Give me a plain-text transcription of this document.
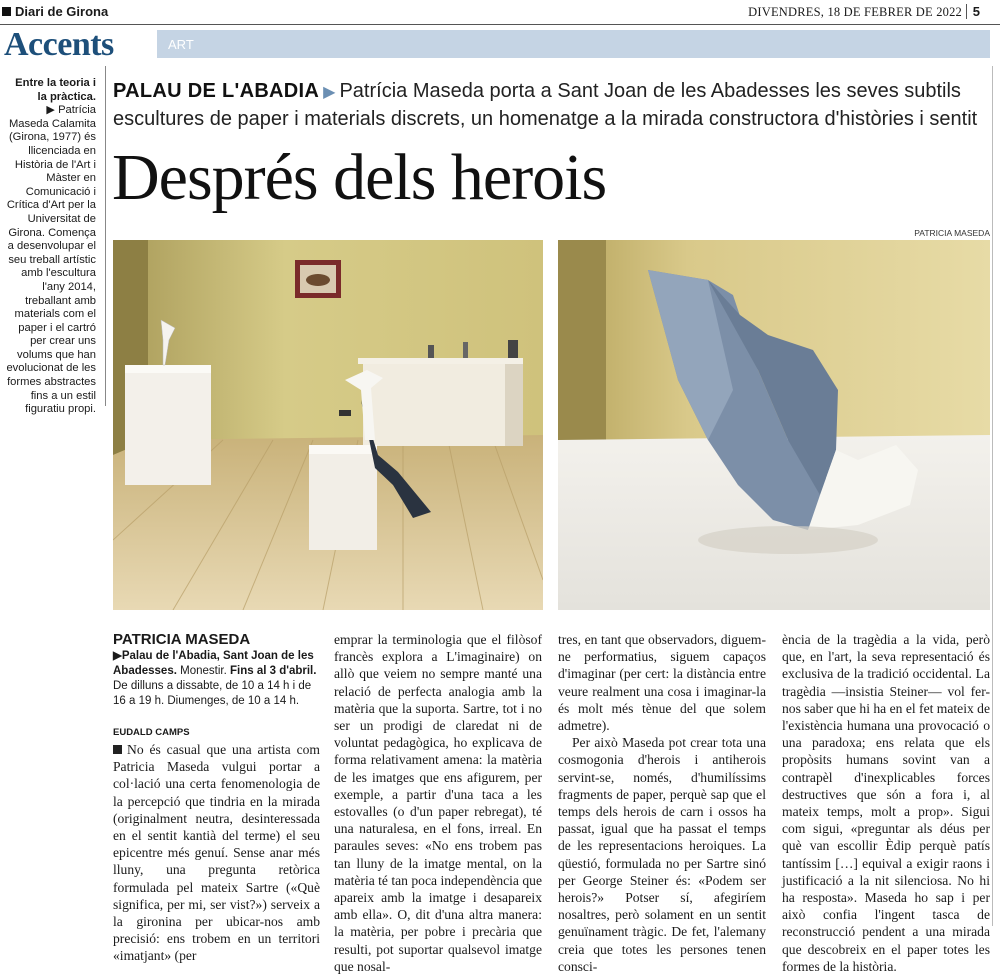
Diari de Girona	DIVENDRES, 18 DE FEBRER DE 2022 5
Accents	ART
Entre la teoria i la pràctica.
▶ Patrícia Maseda Calamita (Girona, 1977) és llicenciada en Història de l'Art i Màster en Comunicació i Crítica d'Art per la Universitat de Girona. Comença a desenvolupar el seu treball artístic amb l'escultura l'any 2014, treballant amb materials com el paper i el cartró per crear uns volums que han evolucionat de les formes abstractes fins a un estil figuratiu propi.
PALAU DE L'ABADIA ▶ Patrícia Maseda porta a Sant Joan de les Abadesses les seves subtils escultures de paper i materials discrets, un homenatge a la mirada constructora d'històries i sentit
Després dels herois
PATRICIA MASEDA
PATRICIA MASEDA
▶Palau de l'Abadia, Sant Joan de les Abadesses. Monestir. Fins al 3 d'abril. De dilluns a dissabte, de 10 a 14 h i de 16 a 19 h. Diumenges, de 10 a 14 h.
EUDALD CAMPS

No és casual que una artista com Patricia Maseda vulgui portar a col·lació una certa fenomenologia de la percepció que tindria en la mirada (originalment neutra, desinteressada en el sentit kantià del terme) el seu epicentre més genuí. Sense anar més lluny, una pregunta retòrica formulada pel mateix Sartre («Què significa, per mi, ser vist?») serveix a la gironina per ubicar-nos amb precisió: ens trobem en un territori «imatjant» (per

emprar la terminologia que el filòsof francès explora a L'imaginaire) on allò que veiem no sempre manté una relació de perfecta analogia amb la matèria que la suporta. Sartre, tot i no ser un prodigi de claredat ni de voluntat pedagògica, ho explicava de forma relativament amena: la matèria de les imatges que ens afigurem, per exemple, a partir d'una taca a les estovalles (o d'un paper rebregat), té una naturalesa, en el fons, irreal. En paraules seves: «No ens trobem pas tan lluny de la imatge mental, on la matèria té tan poca independència que apareix amb la imatge i desapareix amb ella». O, dit d'una altra manera: la matèria, per pobre i precària que resulti, pot suportar qualsevol imatge que nosal-

tres, en tant que observadors, diguem-ne performatius, siguem capaços d'imaginar (per cert: la distància entre veure realment una cosa i imaginar-la és molt més tènue del que solem admetre).

Per això Maseda pot crear tota una cosmogonia d'herois i antiherois servint-se, només, d'humilíssims fragments de paper, perquè sap que el temps dels herois de carn i ossos ha passat, igual que ha passat el temps de les representacions heroiques. La qüestió, formulada no per Sartre sinó per George Steiner és: «Podem ser herois?» Potser sí, afegiríem nosaltres, però solament en un sentit genuïnament tràgic. De fet, l'alemany creia que totes les persones tenen consci-

ència de la tragèdia a la vida, però que, en l'art, la seva representació és exclusiva de la tradició occidental. La tragèdia —insistia Steiner— vol fer-nos saber que hi ha en el fet mateix de l'existència humana una provocació o una paradoxa; ens relata que els propòsits humans sovint van a contrapèl d'inexplicables forces destructives que són a fora i, al mateix temps, molt a prop». Sigui com sigui, «preguntar als déus per què van escollir Èdip perquè patís tantíssim […] equival a exigir raons i justificació a la nit silenciosa. No hi ha resposta». Maseda ho sap i per això confia l'ingent tasca de reconstrucció pendent a una mirada que descobreix en el paper totes les formes de la història.
